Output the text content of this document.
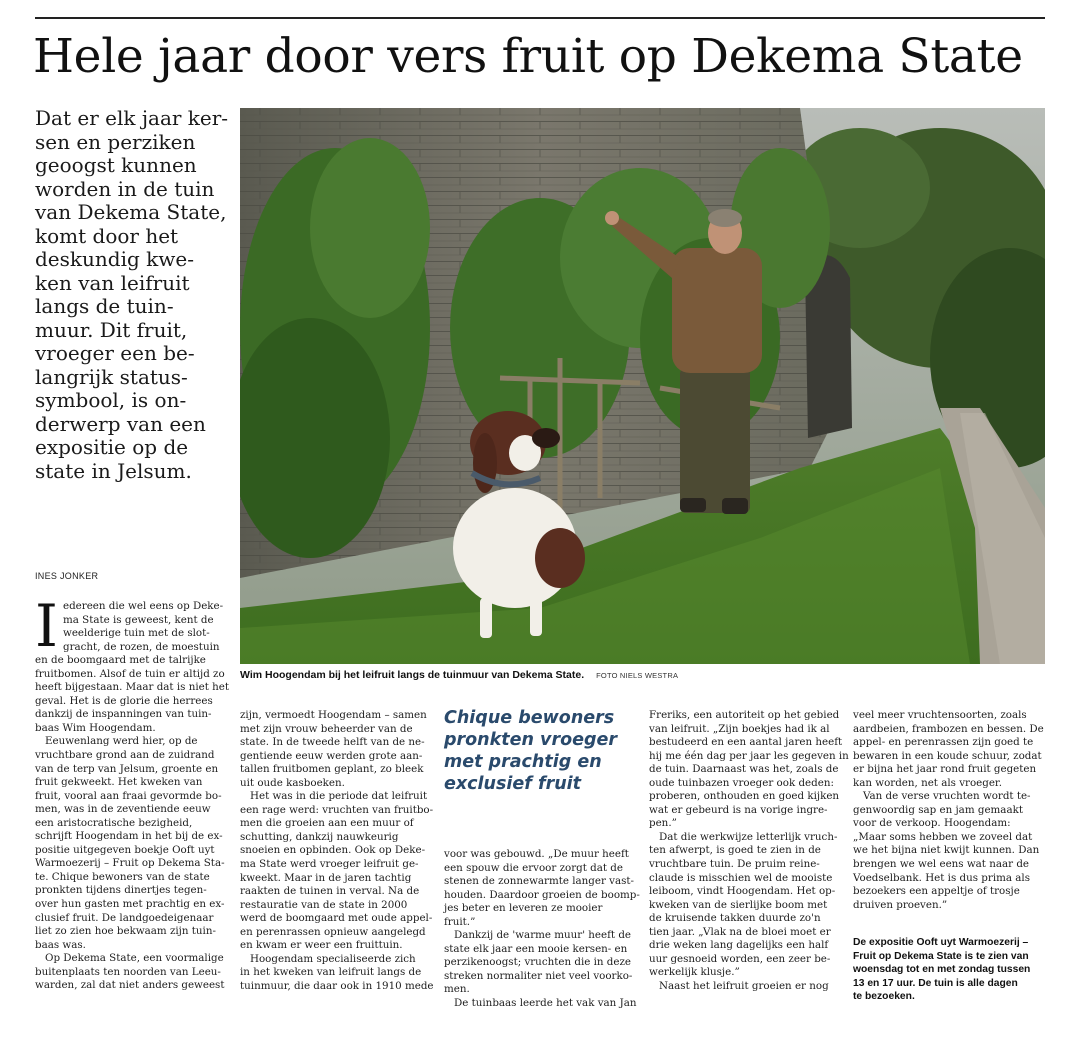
Hele jaar door vers fruit op Dekema State
Dat er elk jaar ker-
sen en perziken
geoogst kunnen
worden in de tuin
van Dekema State,
komt door het
deskundig kwe-
ken van leifruit
langs de tuin-
muur. Dit fruit,
vroeger een be-
langrijk status-
symbool, is on-
derwerp van een
expositie op de
state in Jelsum.
Wim Hoogendam bij het leifruit langs de tuinmuur van Dekema State. FOTO NIELS WESTRA
INES JONKER
I edereen die wel eens op Deke-
ma State is geweest, kent de
weelderige tuin met de slot-
gracht, de rozen, de moestuin
en de boomgaard met de talrijke
fruitbomen. Alsof de tuin er altijd zo
heeft bijgestaan. Maar dat is niet het
geval. Het is de glorie die herrees
dankzij de inspanningen van tuin-
baas Wim Hoogendam.
Eeuwenlang werd hier, op de
vruchtbare grond aan de zuidrand
van de terp van Jelsum, groente en
fruit gekweekt. Het kweken van
fruit, vooral aan fraai gevormde bo-
men, was in de zeventiende eeuw
een aristocratische bezigheid,
schrijft Hoogendam in het bij de ex-
positie uitgegeven boekje Ooft uyt
Warmoezerij – Fruit op Dekema Sta-
te. Chique bewoners van de state
pronkten tijdens dinertjes tegen-
over hun gasten met prachtig en ex-
clusief fruit. De landgoedeigenaar
liet zo zien hoe bekwaam zijn tuin-
baas was.
Op Dekema State, een voormalige
buitenplaats ten noorden van Leeu-
warden, zal dat niet anders geweest
zijn, vermoedt Hoogendam – samen
met zijn vrouw beheerder van de
state. In de tweede helft van de ne-
gentiende eeuw werden grote aan-
tallen fruitbomen geplant, zo bleek
uit oude kasboeken.
Het was in die periode dat leifruit
een rage werd: vruchten van fruitbo-
men die groeien aan een muur of
schutting, dankzij nauwkeurig
snoeien en opbinden. Ook op Deke-
ma State werd vroeger leifruit ge-
kweekt. Maar in de jaren tachtig
raakten de tuinen in verval. Na de
restauratie van de state in 2000
werd de boomgaard met oude appel-
en perenrassen opnieuw aangelegd
en kwam er weer een fruittuin.
Hoogendam specialiseerde zich
in het kweken van leifruit langs de
tuinmuur, die daar ook in 1910 mede
Chique bewoners
pronkten vroeger
met prachtig en
exclusief fruit
voor was gebouwd. „De muur heeft
een spouw die ervoor zorgt dat de
stenen de zonnewarmte langer vast-
houden. Daardoor groeien de boomp-
jes beter en leveren ze mooier
fruit.”
Dankzij de 'warme muur' heeft de
state elk jaar een mooie kersen- en
perzikenoogst; vruchten die in deze
streken normaliter niet veel voorko-
men.
De tuinbaas leerde het vak van Jan
Freriks, een autoriteit op het gebied
van leifruit. „Zijn boekjes had ik al
bestudeerd en een aantal jaren heeft
hij me één dag per jaar les gegeven in
de tuin. Daarnaast was het, zoals de
oude tuinbazen vroeger ook deden:
proberen, onthouden en goed kijken
wat er gebeurd is na vorige ingre-
pen.”
Dat die werkwijze letterlijk vruch-
ten afwerpt, is goed te zien in de
vruchtbare tuin. De pruim reine-
claude is misschien wel de mooiste
leiboom, vindt Hoogendam. Het op-
kweken van de sierlijke boom met
de kruisende takken duurde zo'n
tien jaar. „Vlak na de bloei moet er
drie weken lang dagelijks een half
uur gesnoeid worden, een zeer be-
werkelijk klusje.”
Naast het leifruit groeien er nog
veel meer vruchtensoorten, zoals
aardbeien, frambozen en bessen. De
appel- en perenrassen zijn goed te
bewaren in een koude schuur, zodat
er bijna het jaar rond fruit gegeten
kan worden, net als vroeger.
Van de verse vruchten wordt te-
genwoordig sap en jam gemaakt
voor de verkoop. Hoogendam:
„Maar soms hebben we zoveel dat
we het bijna niet kwijt kunnen. Dan
brengen we wel eens wat naar de
Voedselbank. Het is dus prima als
bezoekers een appeltje of trosje
druiven proeven.”
De expositie Ooft uyt Warmoezerij –
Fruit op Dekema State is te zien van
woensdag tot en met zondag tussen
13 en 17 uur. De tuin is alle dagen
te bezoeken.
